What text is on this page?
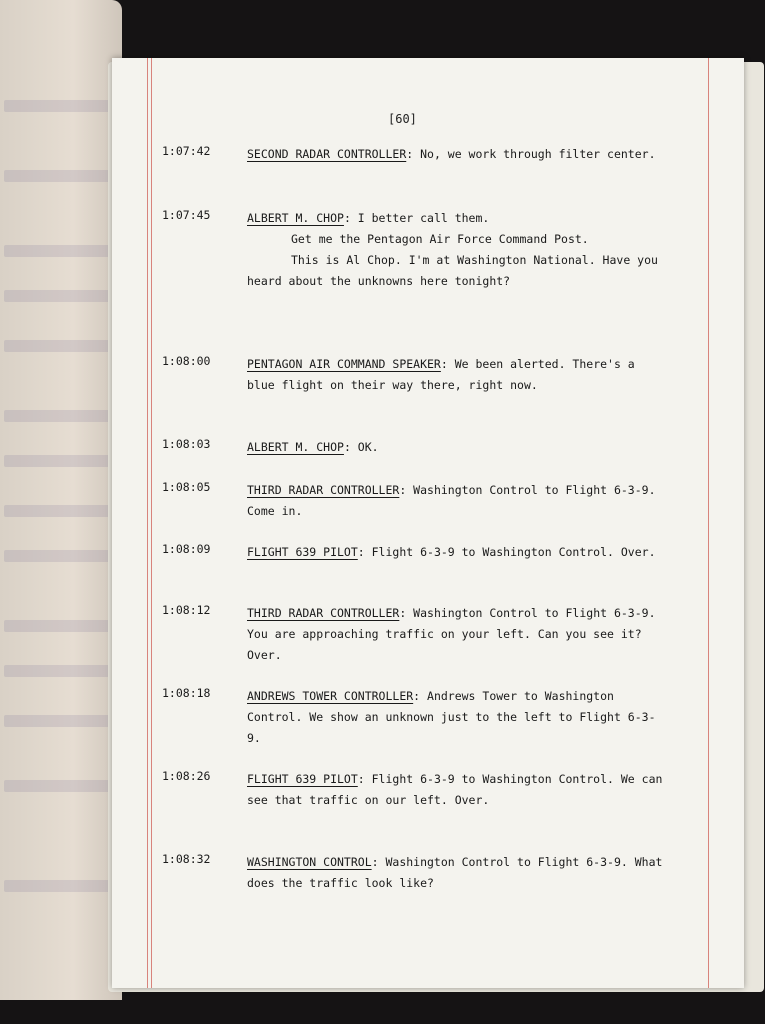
[60]
1:07:42	SECOND RADAR CONTROLLER: No, we work through filter center.
1:07:45	ALBERT M. CHOP: I better call them.
Get me the Pentagon Air Force Command Post.
This is Al Chop. I'm at Washington National. Have you heard about the unknowns here tonight?
1:08:00	PENTAGON AIR COMMAND SPEAKER: We been alerted. There's a blue flight on their way there, right now.
1:08:03	ALBERT M. CHOP: OK.
1:08:05	THIRD RADAR CONTROLLER: Washington Control to Flight 6-3-9. Come in.
1:08:09	FLIGHT 639 PILOT: Flight 6-3-9 to Washington Control. Over.
1:08:12	THIRD RADAR CONTROLLER: Washington Control to Flight 6-3-9. You are approaching traffic on your left. Can you see it? Over.
1:08:18	ANDREWS TOWER CONTROLLER: Andrews Tower to Washington Control. We show an unknown just to the left to Flight 6-3-9.
1:08:26	FLIGHT 639 PILOT: Flight 6-3-9 to Washington Control. We can see that traffic on our left. Over.
1:08:32	WASHINGTON CONTROL: Washington Control to Flight 6-3-9. What does the traffic look like?
